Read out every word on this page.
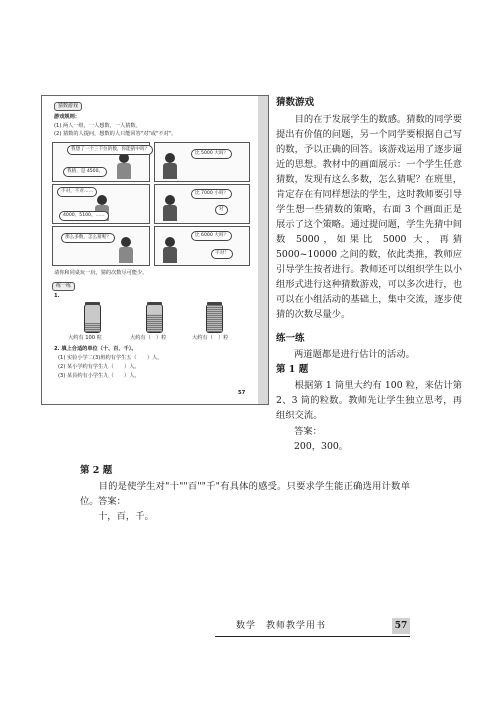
猜数游戏
游戏规则：
(1) 两人一组，一人想数，一人猜数。
(2) 猜数的人提问，想数的人只能回答"对"或"不对"。
我想了一个三千位的数，你能猜中吗？
我猜，是 4500。
比 5000 大吗？
不对，不对……
4000、5100、……
比 7000 小吗？
对
那么多数，怎么猜呢？	比 6000 大吗？
不对！
请你和同桌玩一玩，猜的次数尽可能少。
练一练
1.
大约有 100 粒	大约有（　）粒	大约有（　）粒
2. 填上合适的单位（十、百、千）。
(1) 实验小学二(3)班约有学生五（　　）人。
(2) 某小学约有学生九（　　）人。
(3) 某县约有小学生九（　　）人。
57
猜数游戏

目的在于发展学生的数感。猜数的同学要提出有价值的问题，另一个同学要根据自己写的数，予以正确的回答。该游戏运用了逐步逼近的思想。教材中的画面展示：一个学生任意猜数，发现有这么多数，怎么猜呢？在班里，肯定存在有同样想法的学生，这时教师要引导学生想一些猜数的策略，右面 3 个画面正是展示了这个策略。通过提问题，学生先猜中间数 5000，如果比 5000 大，再猜 5000~10000 之间的数，依此类推，教师应引导学生按者进行。教师还可以组织学生以小组形式进行这种猜数游戏，可以多次进行，也可以在小组活动的基础上，集中交流，逐步使猜的次数尽量少。

练一练
两道题都是进行估计的活动。
第 1 题

根据第 1 筒里大约有 100 粒，来估计第 2、3 筒的粒数。教师先让学生独立思考，再组织交流。

答案：
200，300。
第 2 题

目的是使学生对"十""百""千"有具体的感受。只要求学生能正确选用计数单位。 答案：
十，百，千。
数学　教师教学用书	57
